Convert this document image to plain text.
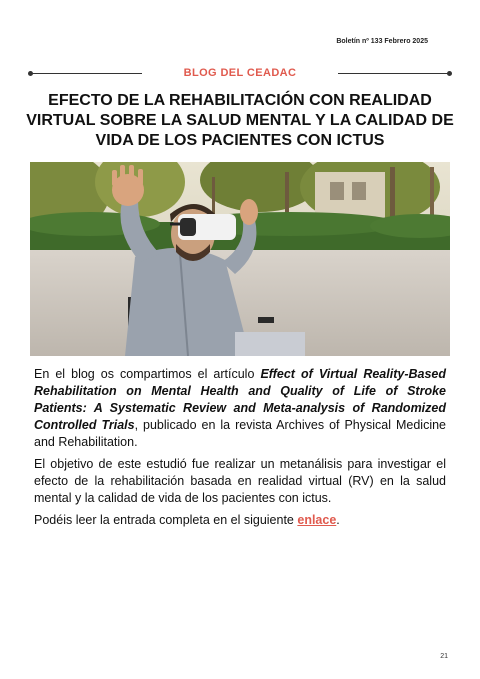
Boletín nº 133 Febrero 2025
BLOG DEL CEADAC
EFECTO DE LA REHABILITACIÓN CON REALIDAD VIRTUAL SOBRE LA SALUD MENTAL Y LA CALIDAD DE VIDA DE LOS PACIENTES CON ICTUS

En el blog os compartimos el artículo Effect of Virtual Reality-Based Rehabilitation on Mental Health and Quality of Life of Stroke Patients: A Systematic Review and Meta-analysis of Randomized Controlled Trials, publicado en la revista Archives of Physical Medicine and Rehabilitation.

El objetivo de este estudió fue realizar un metanálisis para investigar el efecto de la rehabilitación basada en realidad virtual (RV) en la salud mental y la calidad de vida de los pacientes con ictus.

Podéis leer la entrada completa en el siguiente enlace.

21
